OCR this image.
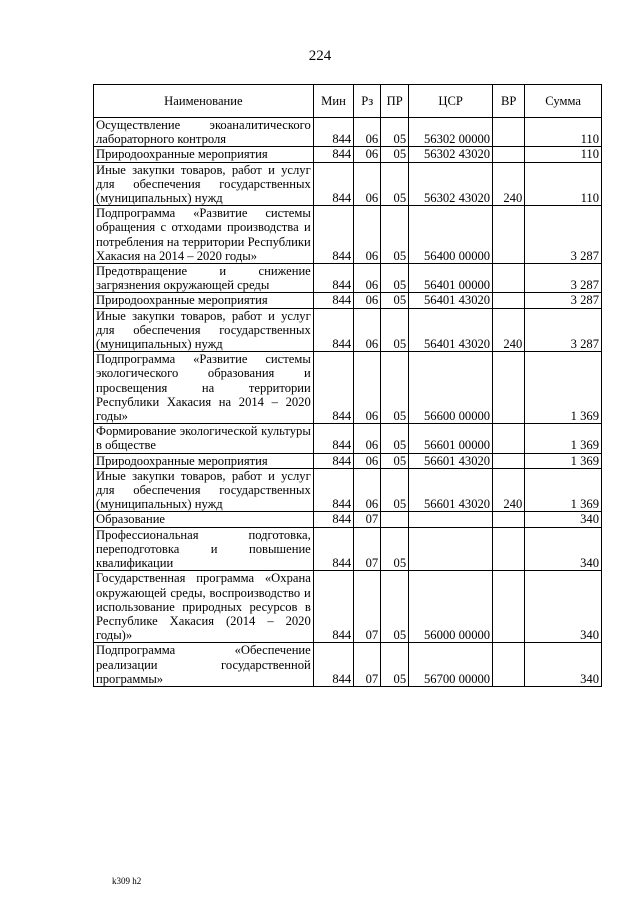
224
Наименование	Мин	Рз	ПР	ЦСР	ВР	Сумма
Осуществление экоаналитического лабораторного контроля	844	06	05	56302 00000		110
Природоохранные мероприятия	844	06	05	56302 43020		110
Иные закупки товаров, работ и услуг для обеспечения государственных (муниципальных) нужд	844	06	05	56302 43020	240	110
Подпрограмма «Развитие системы обращения с отходами производства и потребления на территории Республики Хакасия на 2014 – 2020 годы»	844	06	05	56400 00000		3 287
Предотвращение и снижение загрязнения окружающей среды	844	06	05	56401 00000		3 287
Природоохранные мероприятия	844	06	05	56401 43020		3 287
Иные закупки товаров, работ и услуг для обеспечения государственных (муниципальных) нужд	844	06	05	56401 43020	240	3 287
Подпрограмма «Развитие системы экологического образования и просвещения на территории Республики Хакасия на 2014 – 2020 годы»	844	06	05	56600 00000		1 369
Формирование экологической культуры в обществе	844	06	05	56601 00000		1 369
Природоохранные мероприятия	844	06	05	56601 43020		1 369
Иные закупки товаров, работ и услуг для обеспечения государственных (муниципальных) нужд	844	06	05	56601 43020	240	1 369
Образование	844	07				340
Профессиональная подготовка, переподготовка и повышение квалификации	844	07	05			340
Государственная программа «Охрана окружающей среды, воспроизводство и использование природных ресурсов в Республике Хакасия (2014 – 2020 годы)»	844	07	05	56000 00000		340
Подпрограмма «Обеспечение реализации государственной программы»	844	07	05	56700 00000		340
k309 h2
